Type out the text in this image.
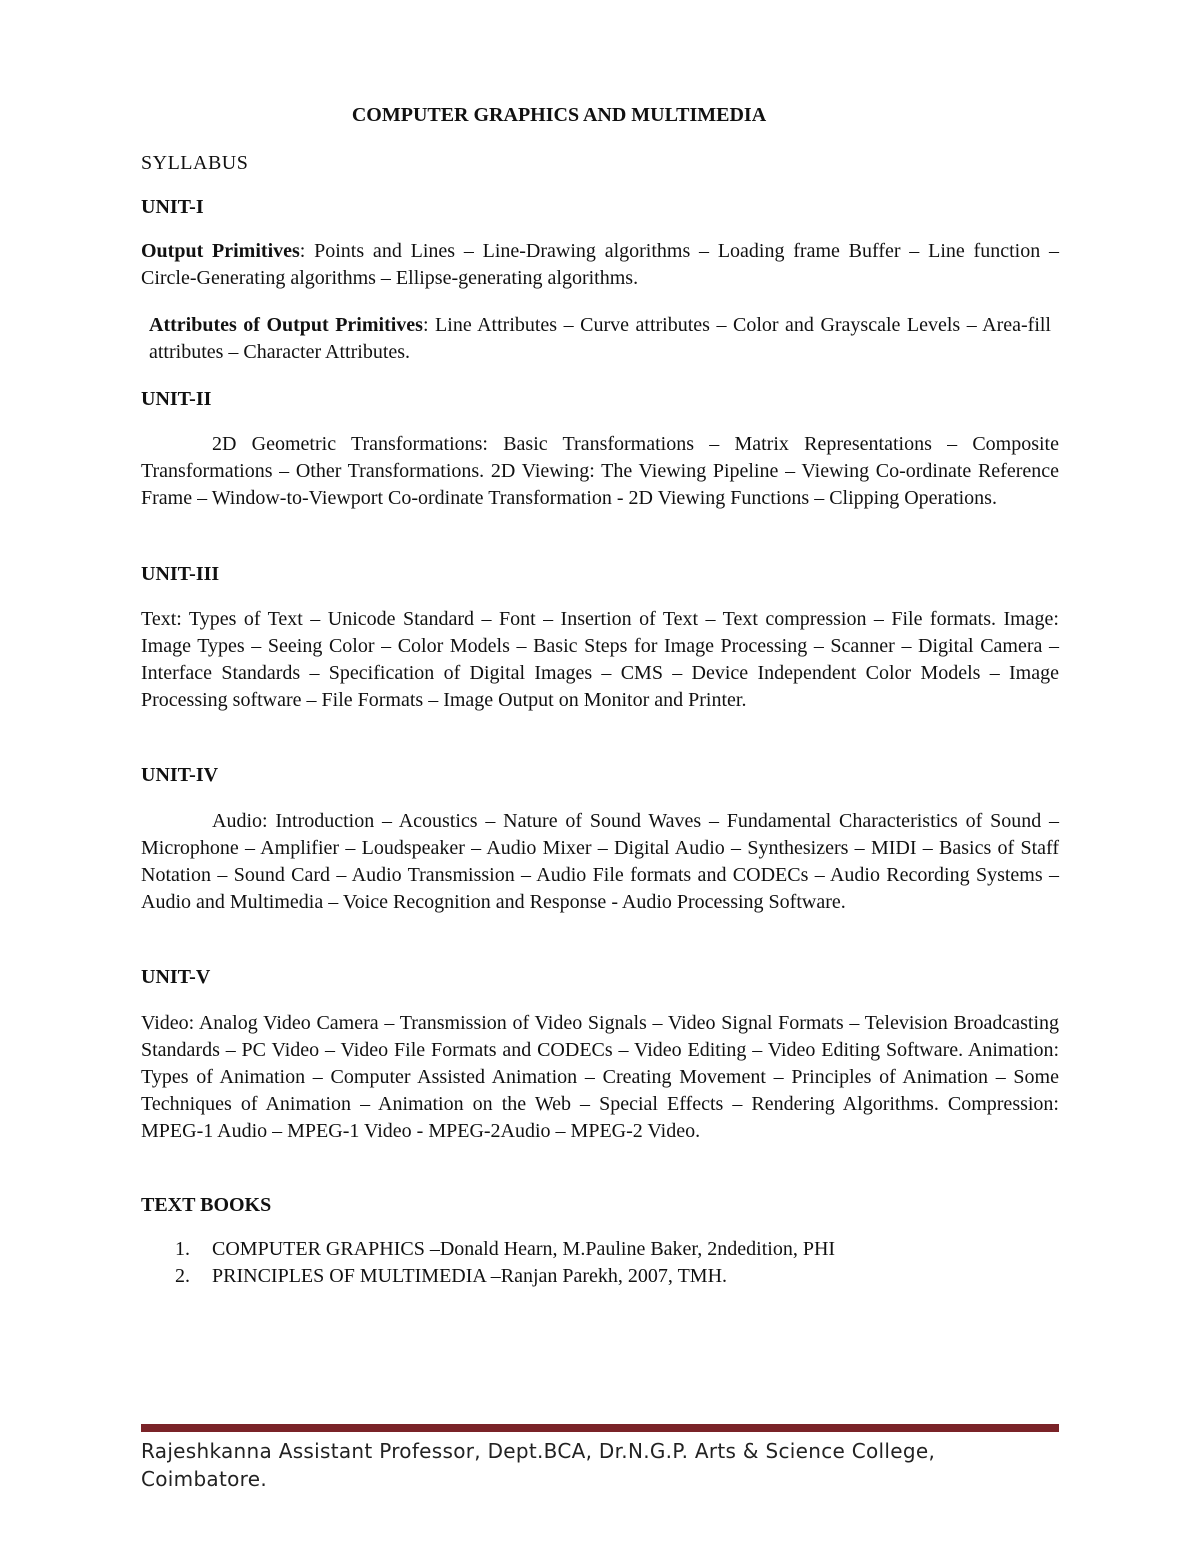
COMPUTER GRAPHICS AND MULTIMEDIA

SYLLABUS

UNIT-I

Output Primitives: Points and Lines – Line-Drawing algorithms – Loading frame Buffer – Line function – Circle-Generating algorithms – Ellipse-generating algorithms.

Attributes of Output Primitives: Line Attributes – Curve attributes – Color and Grayscale Levels – Area-fill attributes – Character Attributes.

UNIT-II

2D Geometric Transformations: Basic Transformations – Matrix Representations – Composite Transformations – Other Transformations. 2D Viewing: The Viewing Pipeline – Viewing Co-ordinate Reference Frame – Window-to-Viewport Co-ordinate Transformation - 2D Viewing Functions – Clipping Operations.

UNIT-III

Text: Types of Text – Unicode Standard – Font – Insertion of Text – Text compression – File formats. Image: Image Types – Seeing Color – Color Models – Basic Steps for Image Processing – Scanner – Digital Camera – Interface Standards – Specification of Digital Images – CMS – Device Independent Color Models – Image Processing software – File Formats – Image Output on Monitor and Printer.

UNIT-IV

Audio: Introduction – Acoustics – Nature of Sound Waves – Fundamental Characteristics of Sound – Microphone – Amplifier – Loudspeaker – Audio Mixer – Digital Audio – Synthesizers – MIDI – Basics of Staff Notation – Sound Card – Audio Transmission – Audio File formats and CODECs – Audio Recording Systems – Audio and Multimedia – Voice Recognition and Response - Audio Processing Software.

UNIT-V

Video: Analog Video Camera – Transmission of Video Signals – Video Signal Formats – Television Broadcasting Standards – PC Video – Video File Formats and CODECs – Video Editing – Video Editing Software. Animation: Types of Animation – Computer Assisted Animation – Creating Movement – Principles of Animation – Some Techniques of Animation – Animation on the Web – Special Effects – Rendering Algorithms. Compression: MPEG-1 Audio – MPEG-1 Video - MPEG-2Audio – MPEG-2 Video.

TEXT BOOKS

1. COMPUTER GRAPHICS –Donald Hearn, M.Pauline Baker, 2ndedition, PHI
2. PRINCIPLES OF MULTIMEDIA –Ranjan Parekh, 2007, TMH.

Rajeshkanna Assistant Professor, Dept.BCA, Dr.N.G.P. Arts & Science College, Coimbatore.
